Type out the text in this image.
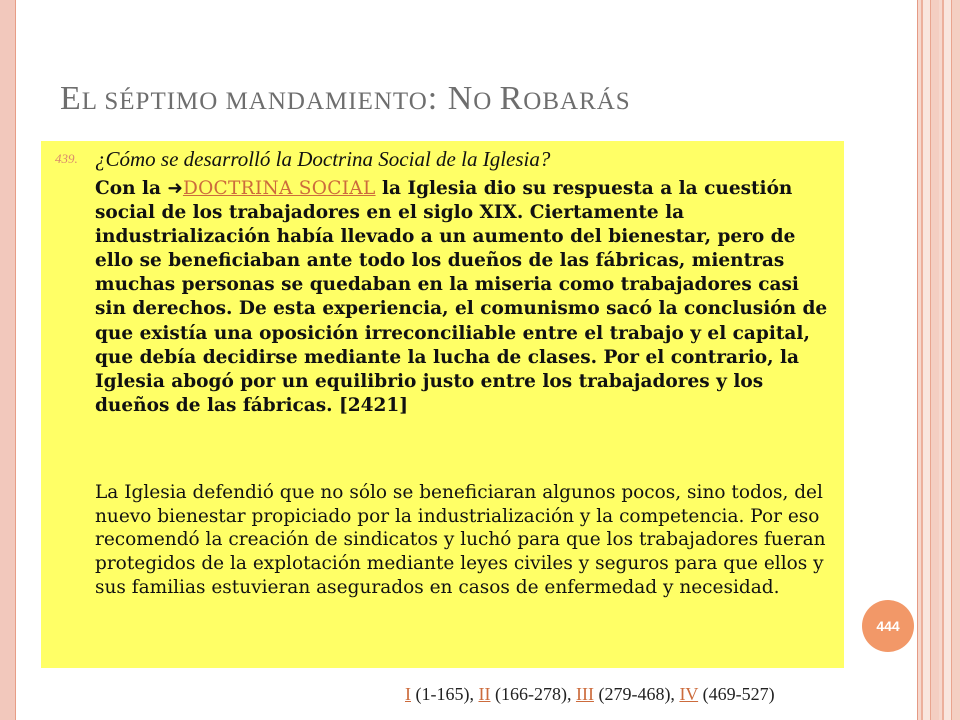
EL SÉPTIMO MANDAMIENTO: NO ROBARÁS
439. ¿Cómo se desarrolló la Doctrina Social de la Iglesia?
Con la ➜DOCTRINA SOCIAL la Iglesia dio su respuesta a la cuestión social de los trabajadores en el siglo XIX. Ciertamente la industrialización había llevado a un aumento del bienestar, pero de ello se beneficiaban ante todo los dueños de las fábricas, mientras muchas personas se quedaban en la miseria como trabajadores casi sin derechos. De esta experiencia, el comunismo sacó la conclusión de que existía una oposición irreconciliable entre el trabajo y el capital, que debía decidirse mediante la lucha de clases. Por el contrario, la Iglesia abogó por un equilibrio justo entre los trabajadores y los dueños de las fábricas. [2421]
La Iglesia defendió que no sólo se beneficiaran algunos pocos, sino todos, del nuevo bienestar propiciado por la industrialización y la competencia. Por eso recomendó la creación de sindicatos y luchó para que los trabajadores fueran protegidos de la explotación mediante leyes civiles y seguros para que ellos y sus familias estuvieran asegurados en casos de enfermedad y necesidad.
444
I (1-165), II (166-278), III (279-468), IV (469-527)
